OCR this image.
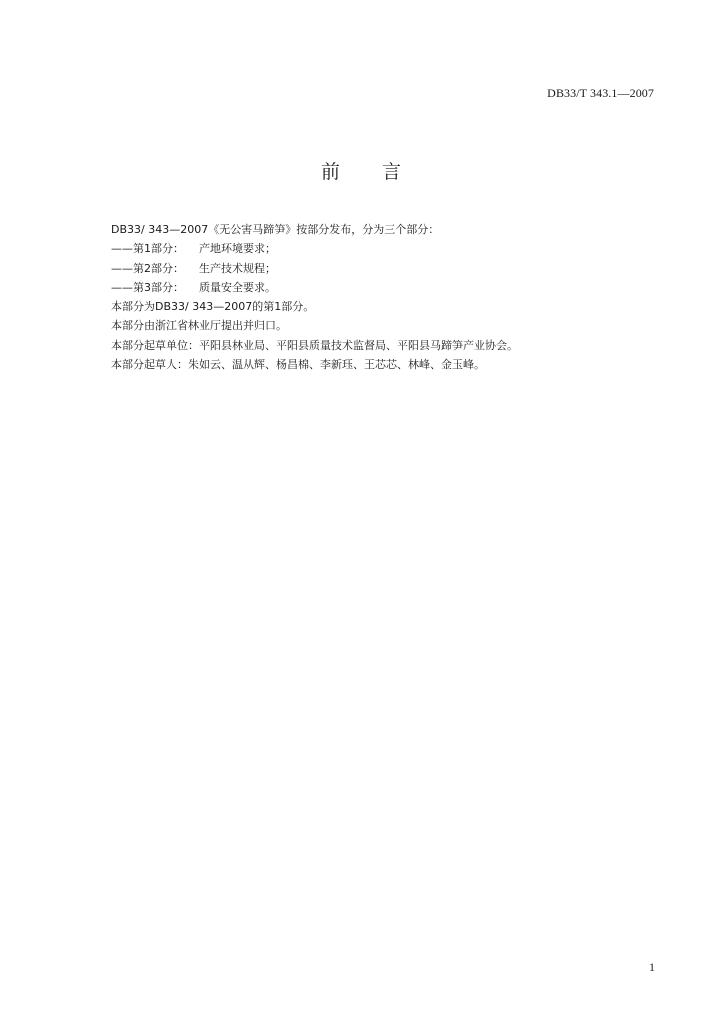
DB33/T 343.1—2007
前 言
DB33/ 343—2007《无公害马蹄笋》按部分发布，分为三个部分：
——第1部分： 产地环境要求；
——第2部分： 生产技术规程；
——第3部分： 质量安全要求。
本部分为DB33/ 343—2007的第1部分。
本部分由浙江省林业厅提出并归口。
本部分起草单位：平阳县林业局、平阳县质量技术监督局、平阳县马蹄笋产业协会。
本部分起草人：朱如云、温从辉、杨昌棉、李新珏、王芯芯、林峰、金玉峰。
1
